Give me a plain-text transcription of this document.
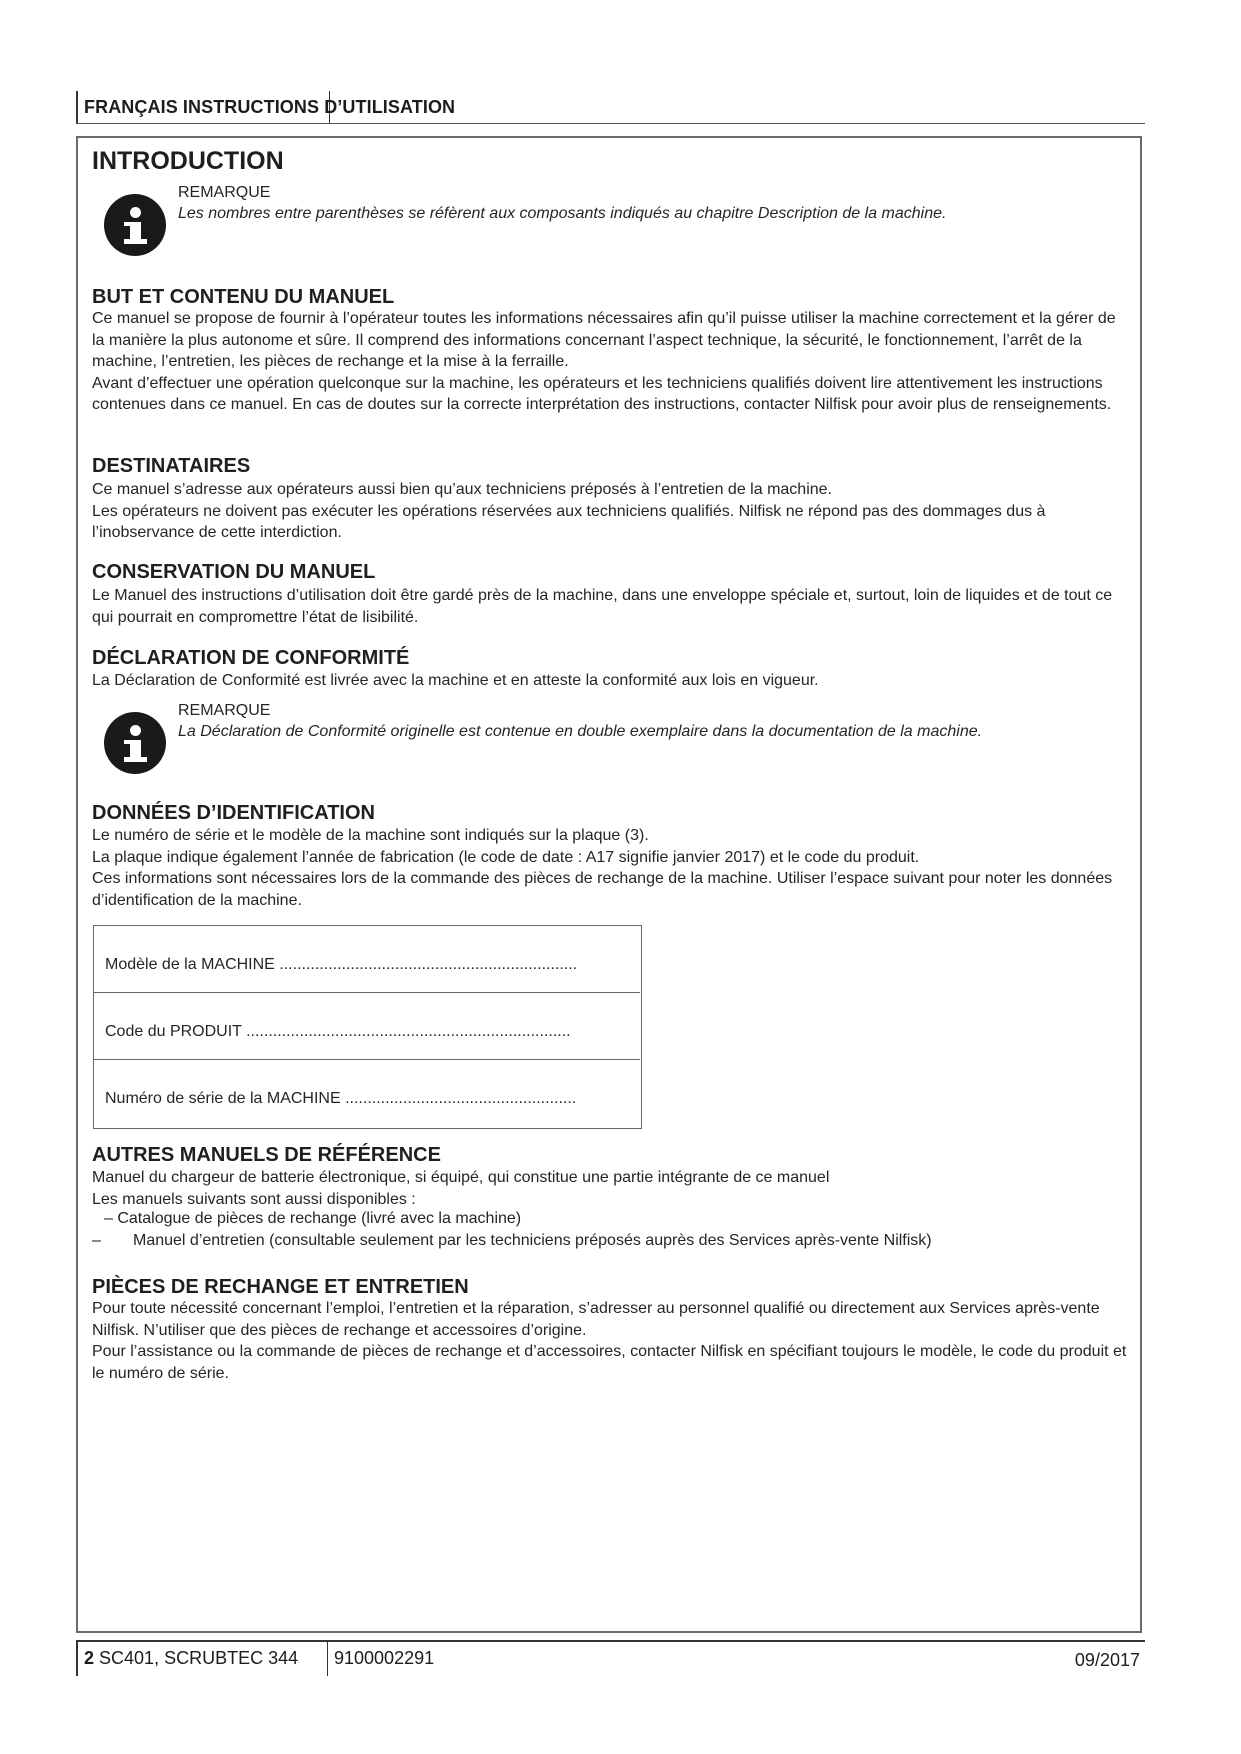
FRANÇAIS INSTRUCTIONS D’UTILISATION
INTRODUCTION
REMARQUE
Les nombres entre parenthèses se réfèrent aux composants indiqués au chapitre Description de la machine.
BUT ET CONTENU DU MANUEL

Ce manuel se propose de fournir à l’opérateur toutes les informations nécessaires afin qu’il puisse utiliser la machine correctement et la gérer de la manière la plus autonome et sûre. Il comprend des informations concernant l’aspect technique, la sécurité, le fonctionnement, l’arrêt de la machine, l’entretien, les pièces de rechange et la mise à la ferraille.

Avant d’effectuer une opération quelconque sur la machine, les opérateurs et les techniciens qualifiés doivent lire attentivement les instructions contenues dans ce manuel. En cas de doutes sur la correcte interprétation des instructions, contacter Nilfisk pour avoir plus de renseignements.

DESTINATAIRES

Ce manuel s’adresse aux opérateurs aussi bien qu’aux techniciens préposés à l’entretien de la machine.

Les opérateurs ne doivent pas exécuter les opérations réservées aux techniciens qualifiés. Nilfisk ne répond pas des dommages dus à l’inobservance de cette interdiction.

CONSERVATION DU MANUEL

Le Manuel des instructions d’utilisation doit être gardé près de la machine, dans une enveloppe spéciale et, surtout, loin de liquides et de tout ce qui pourrait en compromettre l’état de lisibilité.

DÉCLARATION DE CONFORMITÉ

La Déclaration de Conformité est livrée avec la machine et en atteste la conformité aux lois en vigueur.

REMARQUE
La Déclaration de Conformité originelle est contenue en double exemplaire dans la documentation de la machine.
DONNÉES D’IDENTIFICATION

Le numéro de série et le modèle de la machine sont indiqués sur la plaque (3).

La plaque indique également l’année de fabrication (le code de date : A17 signifie janvier 2017) et le code du produit.

Ces informations sont nécessaires lors de la commande des pièces de rechange de la machine. Utiliser l’espace suivant pour noter les données d’identification de la machine.

Modèle de la MACHINE ...................................................................
Code du PRODUIT .........................................................................
Numéro de série de la MACHINE ....................................................
AUTRES MANUELS DE RÉFÉRENCE

Manuel du chargeur de batterie électronique, si équipé, qui constitue une partie intégrante de ce manuel

Les manuels suivants sont aussi disponibles :

– Catalogue de pièces de rechange (livré avec la machine)
– Manuel d’entretien (consultable seulement par les techniciens préposés auprès des Services après-vente Nilfisk)
PIÈCES DE RECHANGE ET ENTRETIEN

Pour toute nécessité concernant l’emploi, l’entretien et la réparation, s’adresser au personnel qualifié ou directement aux Services après-vente Nilfisk. N’utiliser que des pièces de rechange et accessoires d’origine.

Pour l’assistance ou la commande de pièces de rechange et d’accessoires, contacter Nilfisk en spécifiant toujours le modèle, le code du produit et le numéro de série.

2 SC401, SCRUBTEC 344 9100002291	09/2017
